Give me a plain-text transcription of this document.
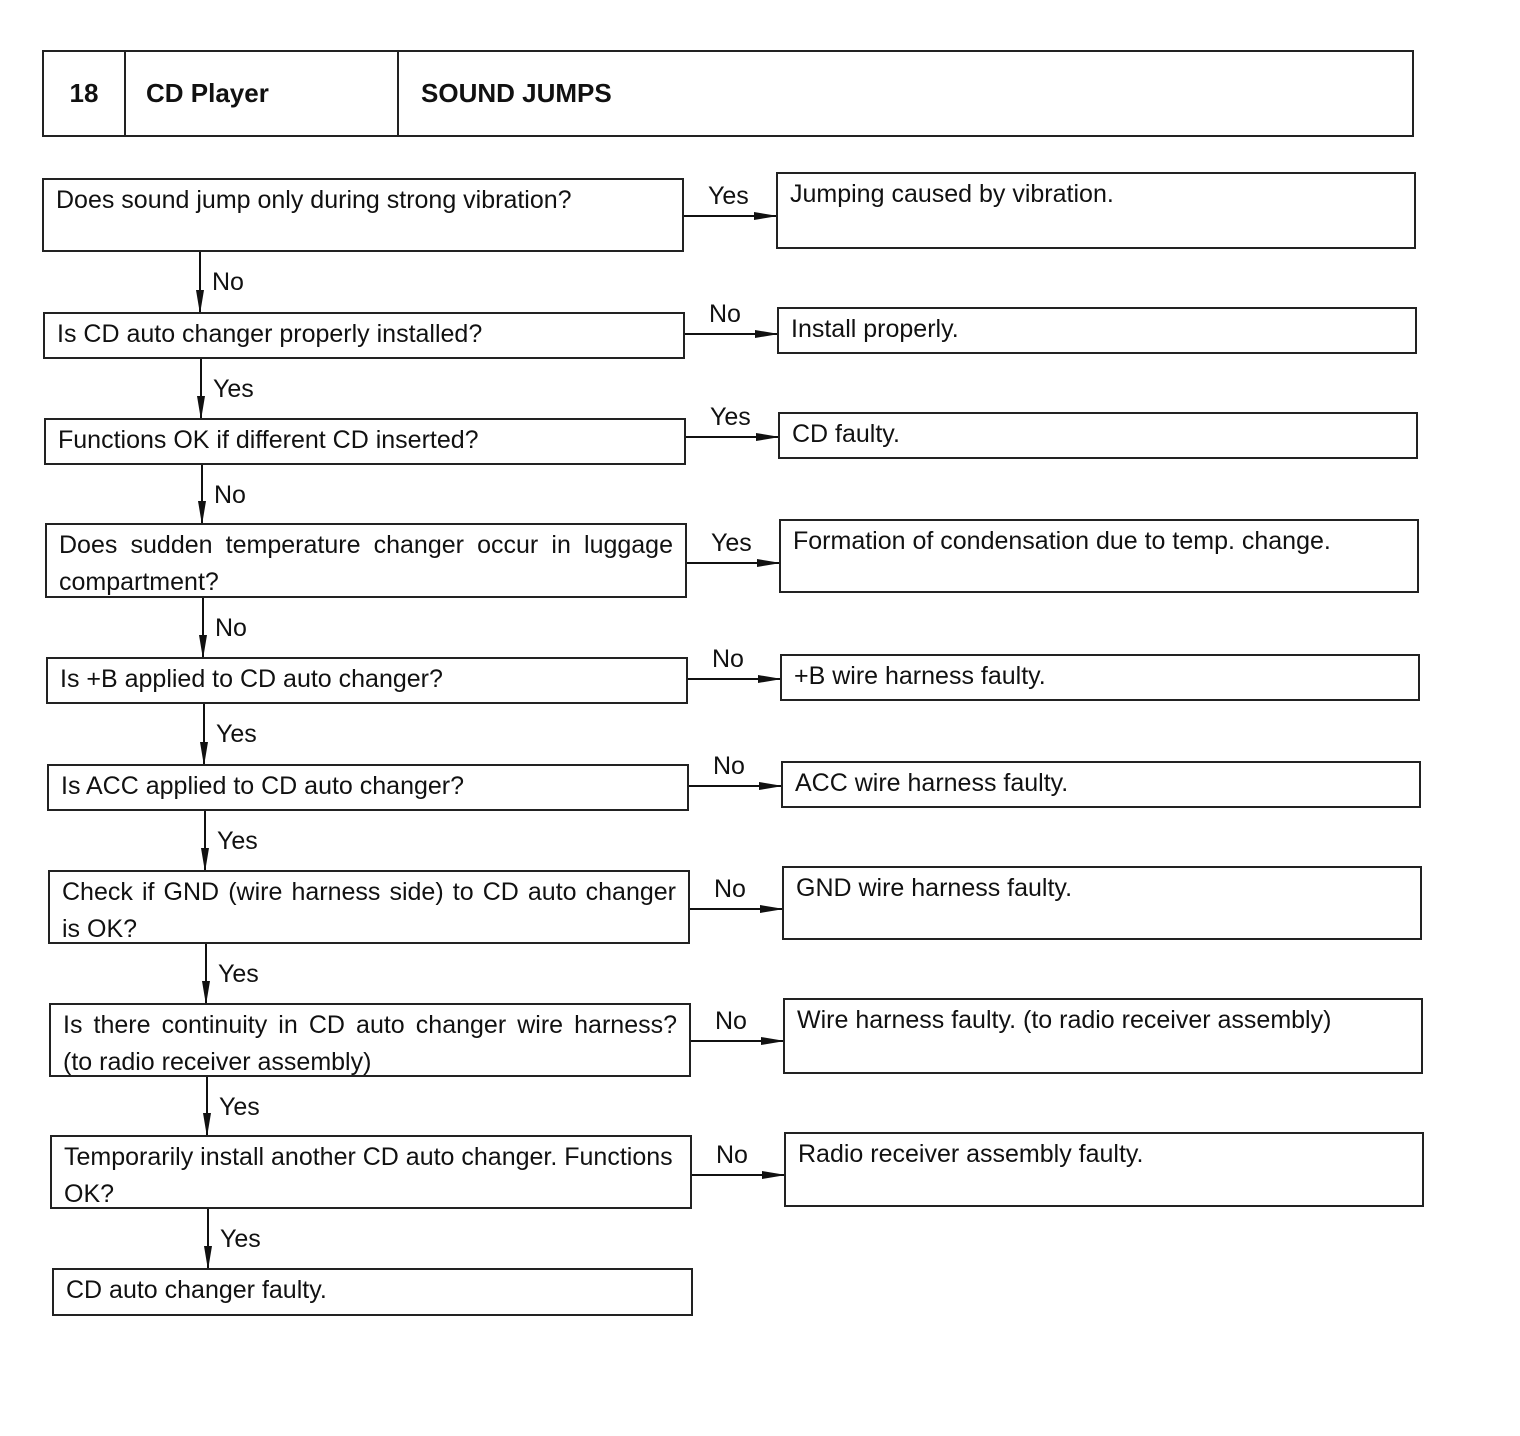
18	CD Player	SOUND JUMPS
Does sound jump only during strong vibration?	Jumping caused by vibration.
Yes
No
Is CD auto changer properly installed?	Install properly.
No
Yes
Functions OK if different CD inserted?	CD faulty.
Yes
No
Does sudden temperature changer occur in luggage compartment?
Formation of condensation due to temp. change.
Yes
No
Is +B applied to CD auto changer?	+B wire harness faulty.
No
Yes
Is ACC applied to CD auto changer?	ACC wire harness faulty.
No
Yes
Check if GND (wire harness side) to CD auto changer is OK?
GND wire harness faulty.
No
Yes
Is there continuity in CD auto changer wire harness? (to radio receiver assembly)
Wire harness faulty. (to radio receiver assembly)
No
Yes
Temporarily install another CD auto changer. Functions OK?
Radio receiver assembly faulty.
No
Yes
CD auto changer faulty.
